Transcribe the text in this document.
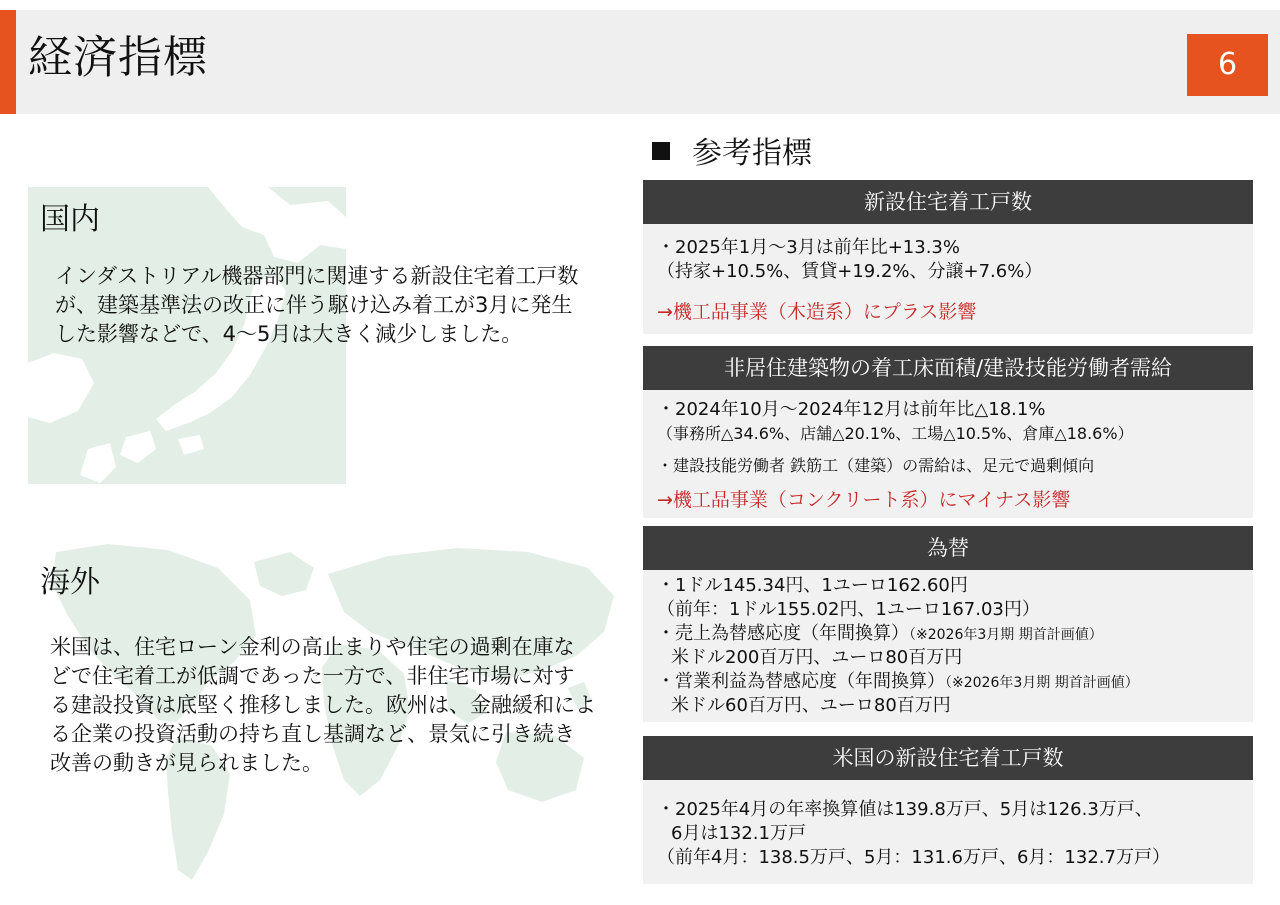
経済指標	6
国内
インダストリアル機器部門に関連する新設住宅着工戸数
が、建築基準法の改正に伴う駆け込み着工が3月に発生
した影響などで、4～5月は大きく減少しました。
海外
米国は、住宅ローン金利の高止まりや住宅の過剰在庫な
どで住宅着工が低調であった一方で、非住宅市場に対す
る建設投資は底堅く推移しました。欧州は、金融緩和によ
る企業の投資活動の持ち直し基調など、景気に引き続き
改善の動きが見られました。
参考指標
新設住宅着工戸数
・2025年1月～3月は前年比+13.3%
（持家+10.5%、賃貸+19.2%、分譲+7.6%）
→機工品事業（木造系）にプラス影響
非居住建築物の着工床面積/建設技能労働者需給
・2024年10月～2024年12月は前年比△18.1%
（事務所△34.6%、店舗△20.1%、工場△10.5%、倉庫△18.6%）
・建設技能労働者 鉄筋工（建築）の需給は、足元で過剰傾向
→機工品事業（コンクリート系）にマイナス影響
為替
・1ドル145.34円、1ユーロ162.60円
（前年：1ドル155.02円、1ユーロ167.03円）
・売上為替感応度（年間換算）（※2026年3月期 期首計画値）
米ドル200百万円、ユーロ80百万円
・営業利益為替感応度（年間換算）（※2026年3月期 期首計画値）
米ドル60百万円、ユーロ80百万円
米国の新設住宅着工戸数
・2025年4月の年率換算値は139.8万戸、5月は126.3万戸、
6月は132.1万戸
（前年4月：138.5万戸、5月：131.6万戸、6月：132.7万戸）
